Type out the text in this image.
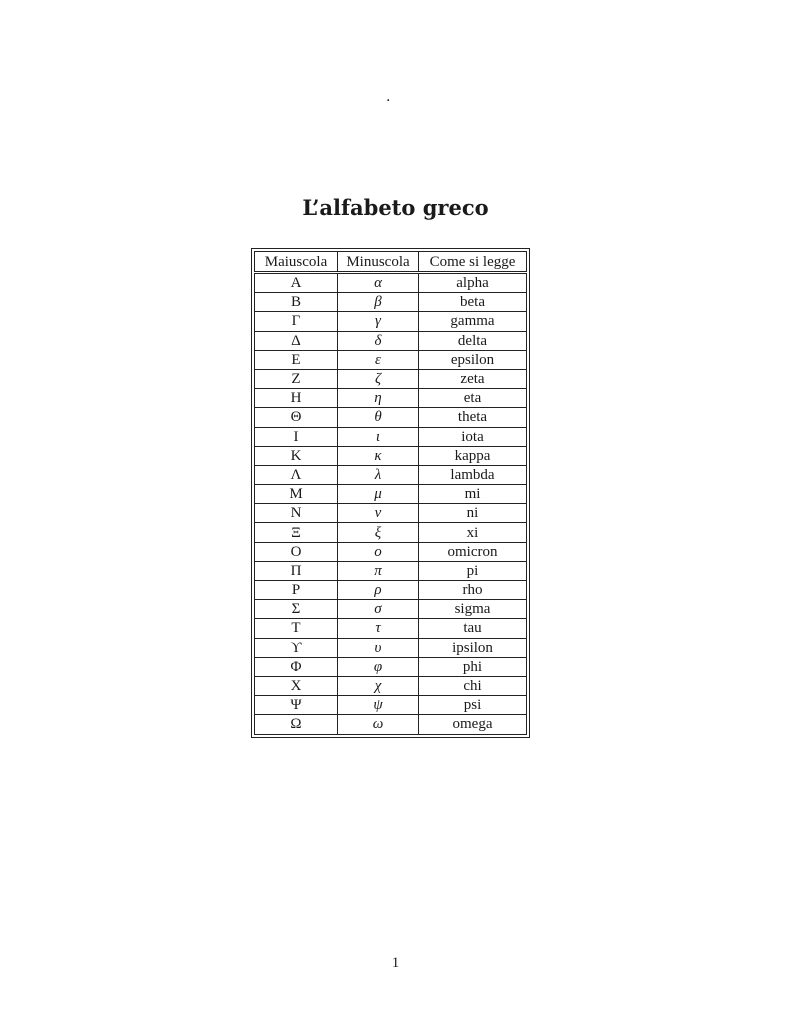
.
L’alfabeto greco
Maiuscola	Minuscola	Come si legge
Α	α	alpha
Β	β	beta
Γ	γ	gamma
Δ	δ	delta
Ε	ε	epsilon
Ζ	ζ	zeta
Η	η	eta
Θ	θ	theta
Ι	ι	iota
Κ	κ	kappa
Λ	λ	lambda
Μ	μ	mi
Ν	ν	ni
Ξ	ξ	xi
Ο	ο	omicron
Π	π	pi
Ρ	ρ	rho
Σ	σ	sigma
Τ	τ	tau
ϒ	υ	ipsilon
Φ	φ	phi
Χ	χ	chi
Ψ	ψ	psi
Ω	ω	omega
1
